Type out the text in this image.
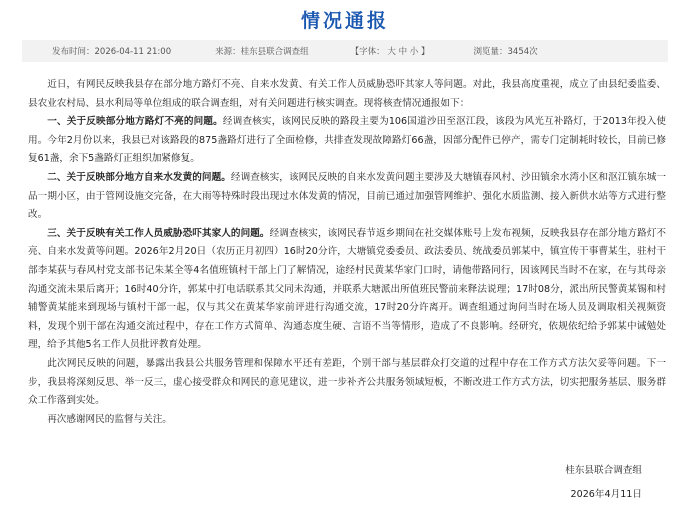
情况通报
发布时间：2026-04-11 21:00	来源：桂东县联合调查组	【字体： 大 中 小 】	浏览量：3454次

近日，有网民反映我县存在部分地方路灯不亮、自来水发黄、有关工作人员威胁恐吓其家人等问题。对此，我县高度重视，成立了由县纪委监委、县农业农村局、县水利局等单位组成的联合调查组，对有关问题进行核实调查。现将核查情况通报如下：

一、关于反映部分地方路灯不亮的问题。经调查核实，该网民反映的路段主要为106国道沙田至沤江段，该段为风光互补路灯，于2013年投入使用。今年2月份以来，我县已对该路段的875盏路灯进行了全面检修，共排查发现故障路灯66盏，因部分配件已停产，需专门定制耗时较长，目前已修复61盏，余下5盏路灯正组织加紧修复。

二、关于反映部分地方自来水发黄的问题。经调查核实，该网民反映的自来水发黄问题主要涉及大塘镇春风村、沙田镇余水湾小区和沤江镇东城一品一期小区，由于管网设施交完备，在大雨等特殊时段出现过水体发黄的情况，目前已通过加强管网维护、强化水质监测、接入新供水站等方式进行整改。

三、关于反映有关工作人员威胁恐吓其家人的问题。经调查核实，该网民春节返乡期间在社交媒体账号上发布视频，反映我县存在部分地方路灯不亮、自来水发黄等问题。2026年2月20日（农历正月初四）16时20分许，大塘镇党委委员、政法委员、统战委员郭某中，镇宣传干事曹某生，驻村干部李某荻与春风村党支部书记朱某全等4名值班镇村干部上门了解情况，途经村民黄某华家门口时，请他带路同行，因该网民当时不在家，在与其母亲沟通交流未果后离开；16时40分许，郭某中打电话联系其父同未沟通，并联系大塘派出所值班民警前来释法说理；17时08分，派出所民警黄某锡和村辅警黄某能来到现场与镇村干部一起，仅与其父在黄某华家前评进行沟通交流，17时20分许离开。调查组通过询问当时在场人员及调取相关视频资料，发现个别干部在沟通交流过程中，存在工作方式简单、沟通态度生硬、言语不当等情形，造成了不良影响。经研究，依规依纪给予郭某中诫勉处理，给予其他5名工作人员批评教育处理。

此次网民反映的问题，暴露出我县公共服务管理和保障水平还有差距，个别干部与基层群众打交道的过程中存在工作方式方法欠妥等问题。下一步，我县将深刻反思、举一反三，虚心接受群众和网民的意见建议，进一步补齐公共服务领域短板，不断改进工作方式方法，切实把服务基层、服务群众工作落到实处。

再次感谢网民的监督与关注。

桂东县联合调查组
2026年4月11日
